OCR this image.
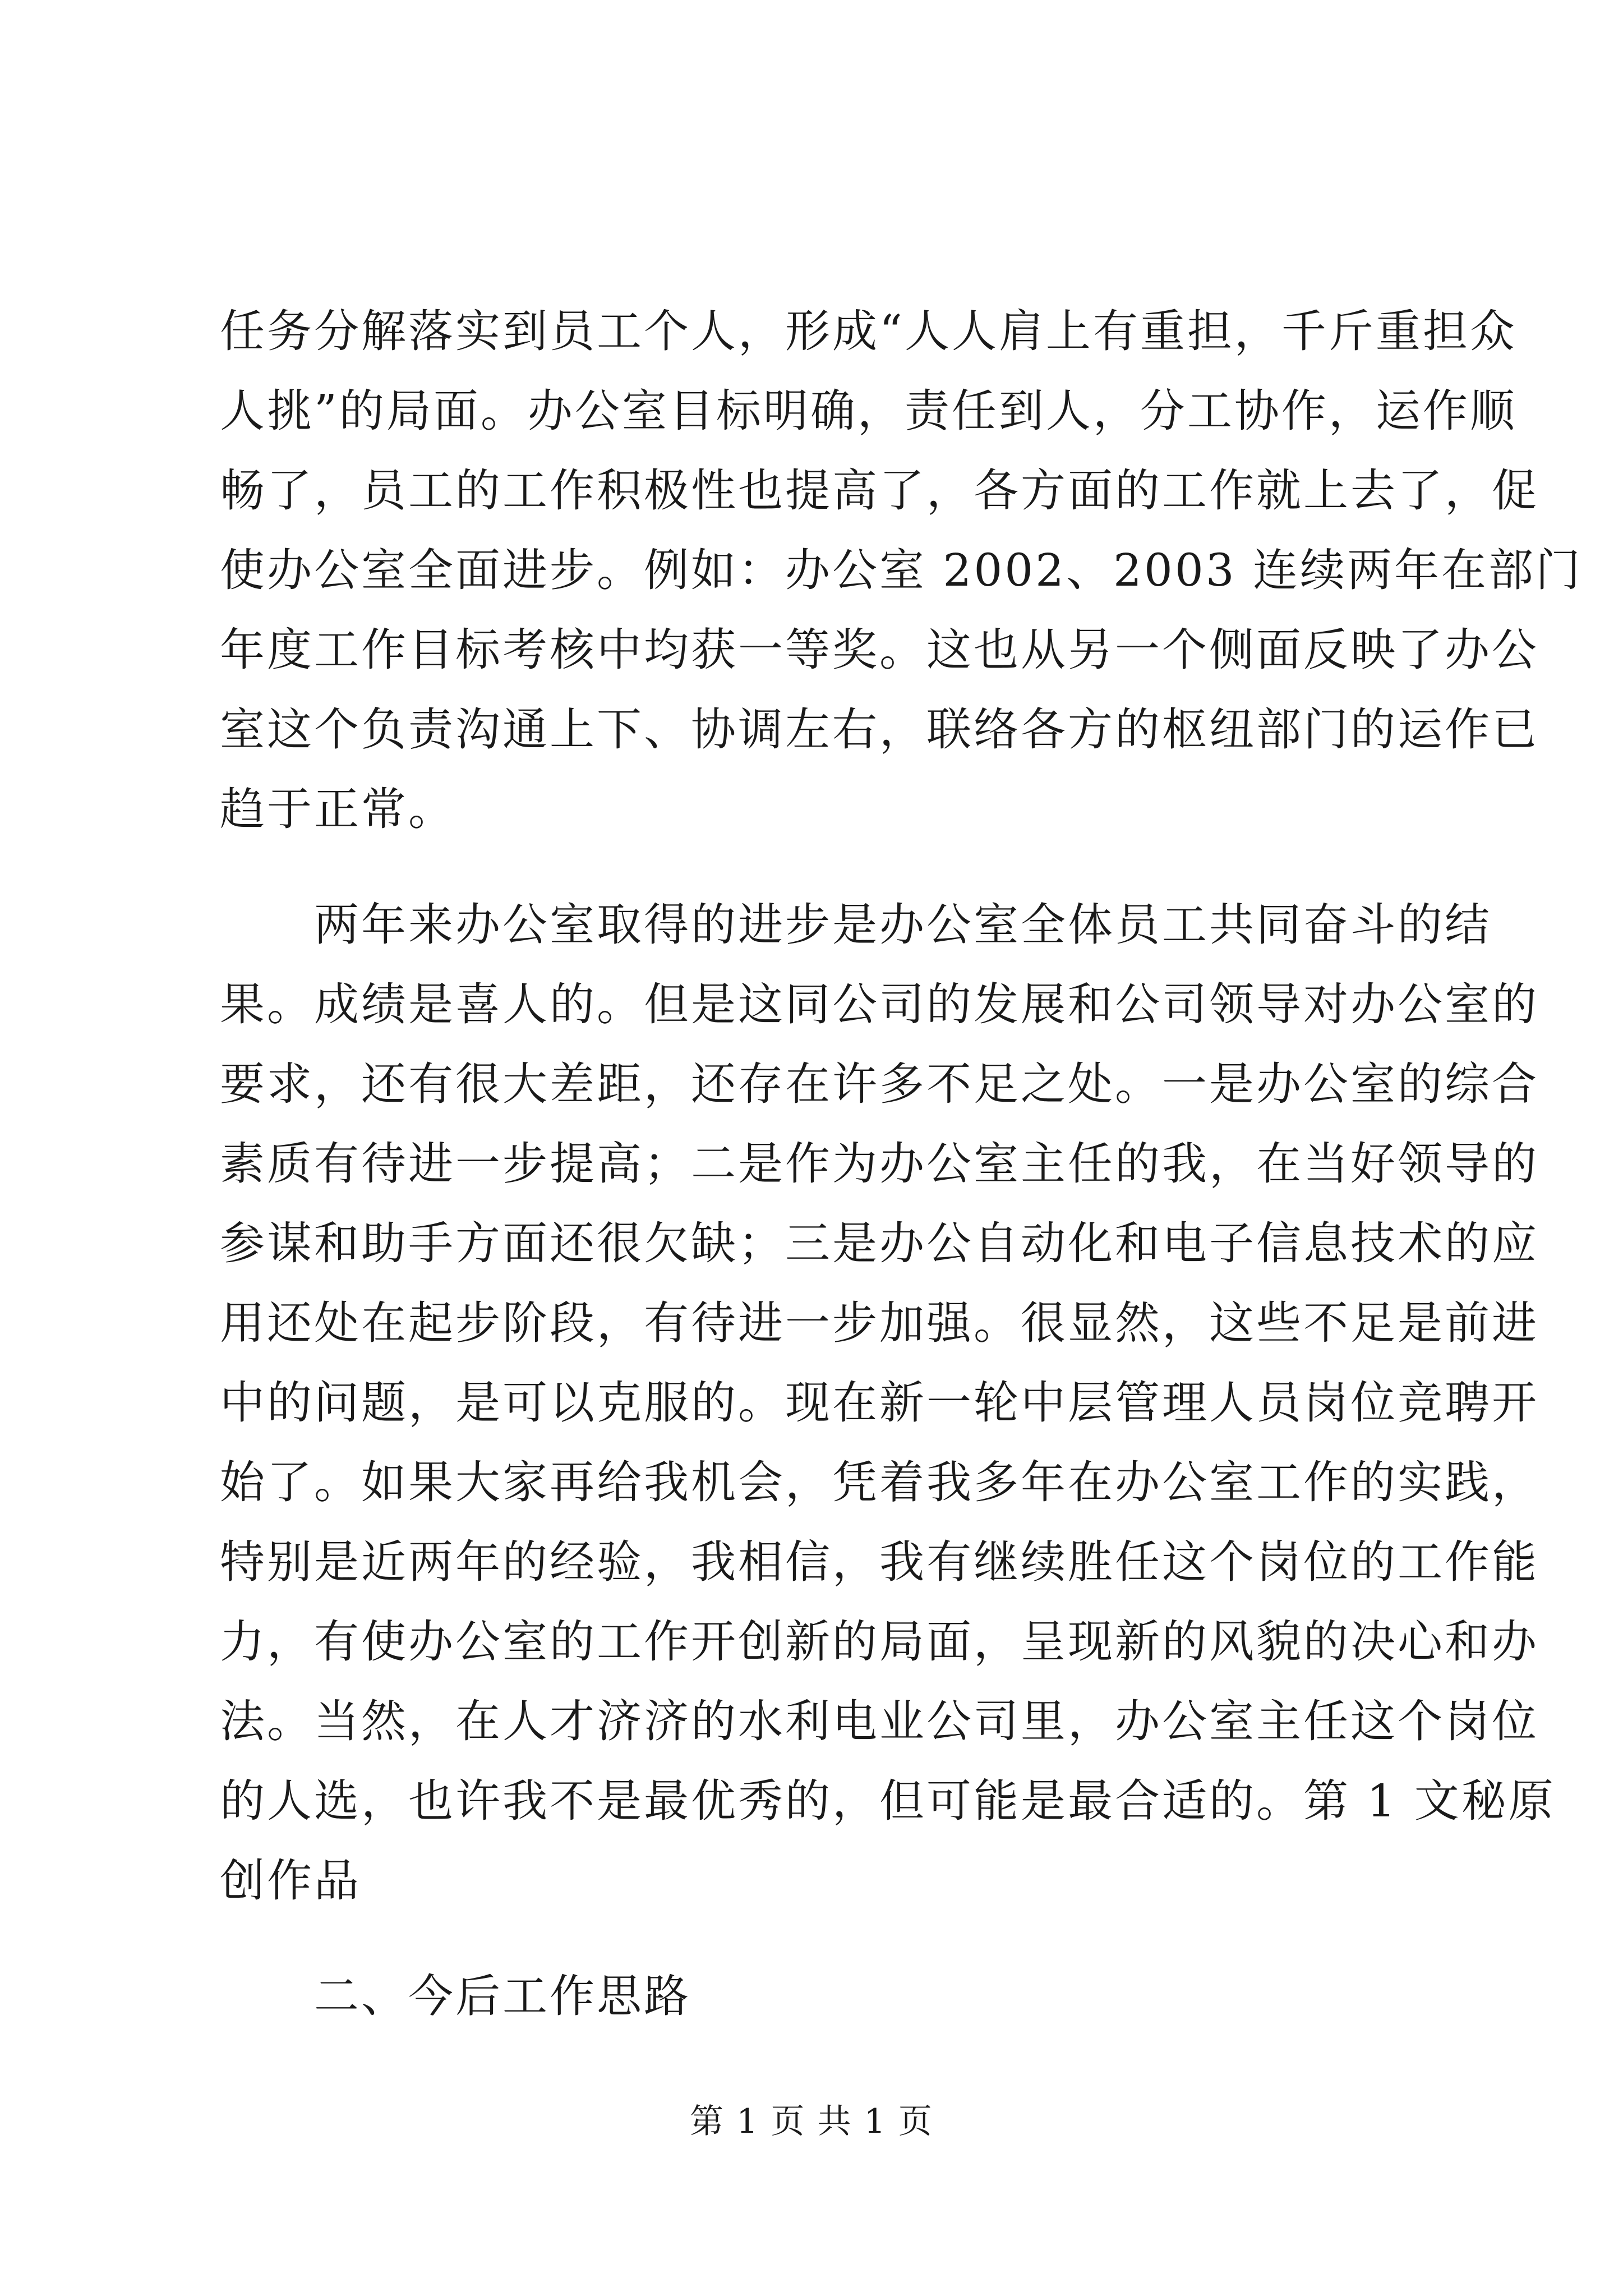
任务分解落实到员工个人，形成“人人肩上有重担，千斤重担众
人挑”的局面。办公室目标明确，责任到人，分工协作，运作顺
畅了，员工的工作积极性也提高了，各方面的工作就上去了，促
使办公室全面进步。例如：办公室 2002、2003 连续两年在部门
年度工作目标考核中均获一等奖。这也从另一个侧面反映了办公
室这个负责沟通上下、协调左右，联络各方的枢纽部门的运作已
趋于正常。
　　两年来办公室取得的进步是办公室全体员工共同奋斗的结
果。成绩是喜人的。但是这同公司的发展和公司领导对办公室的
要求，还有很大差距，还存在许多不足之处。一是办公室的综合
素质有待进一步提高；二是作为办公室主任的我，在当好领导的
参谋和助手方面还很欠缺；三是办公自动化和电子信息技术的应
用还处在起步阶段，有待进一步加强。很显然，这些不足是前进
中的问题，是可以克服的。现在新一轮中层管理人员岗位竞聘开
始了。如果大家再给我机会，凭着我多年在办公室工作的实践，
特别是近两年的经验，我相信，我有继续胜任这个岗位的工作能
力，有使办公室的工作开创新的局面，呈现新的风貌的决心和办
法。当然，在人才济济的水利电业公司里，办公室主任这个岗位
的人选，也许我不是最优秀的，但可能是最合适的。第 1 文秘原
创作品
　　二、今后工作思路
第 1 页 共 1 页
